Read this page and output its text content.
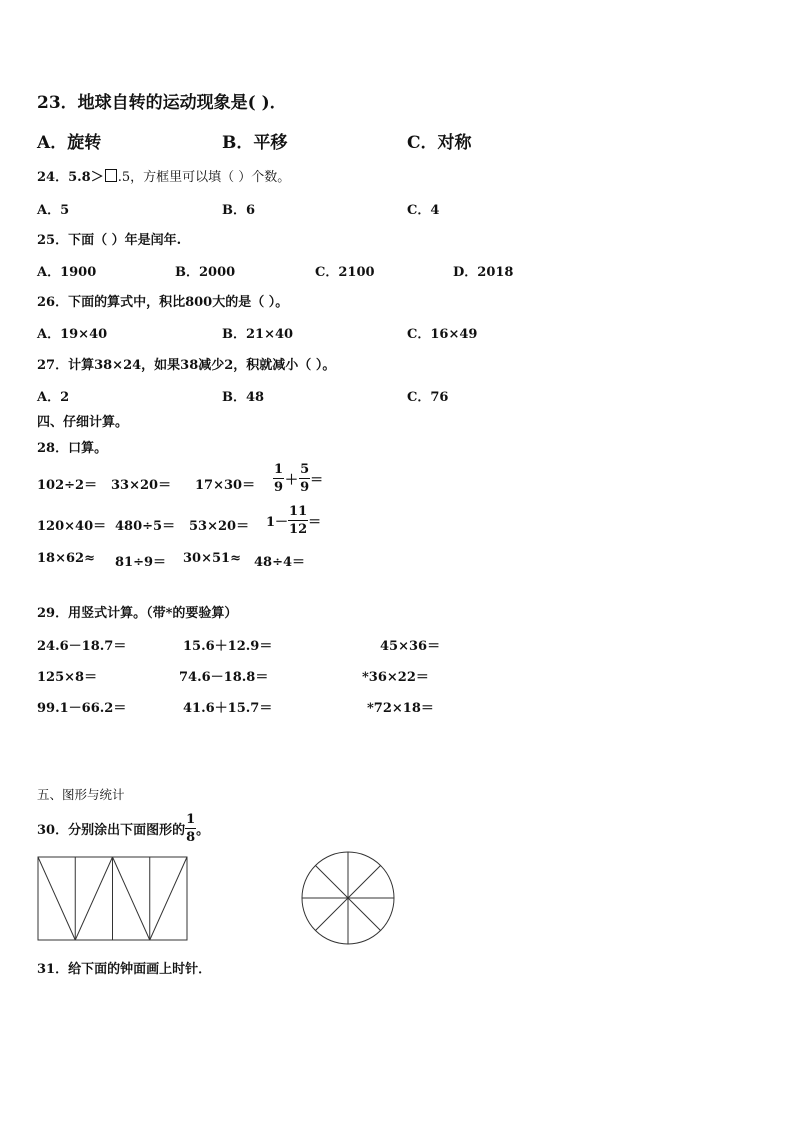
23．地球自转的运动现象是( )．
A．旋转	B．平移	C．对称
24．5.8＞ .5，方框里可以填（ ）个数。
A．5	B．6	C．4
25．下面（ ）年是闰年.
A．1900	B．2000	C．2100	D．2018
26．下面的算式中，积比800大的是（ ）。
A．19×40	B．21×40	C．16×49
27．计算38×24，如果38减少2，积就减小（ ）。
A．2	B．48	C．76
四、仔细计算。
28．口算。
$102\div 2= 33\times 20= 17\times 30= \frac{1}{9} + \frac{5}{9}$ ＝
$120\times 40= 480\div 5= 53\times 20= 1- \frac{11}{12}$ ＝
18×62≈ 81÷9＝ 30×51≈ 48÷4＝
29．用竖式计算。（带*的要验算）
24.6－18.7＝	15.6＋12.9＝	45×36＝
125×8＝	74.6－18.8＝	*36×22＝
99.1－66.2＝	41.6＋15.7＝	*72×18＝
五、图形与统计
30．分别涂出下面图形的 $\frac{1}{8}$ 。
31．给下面的钟面画上时针．
